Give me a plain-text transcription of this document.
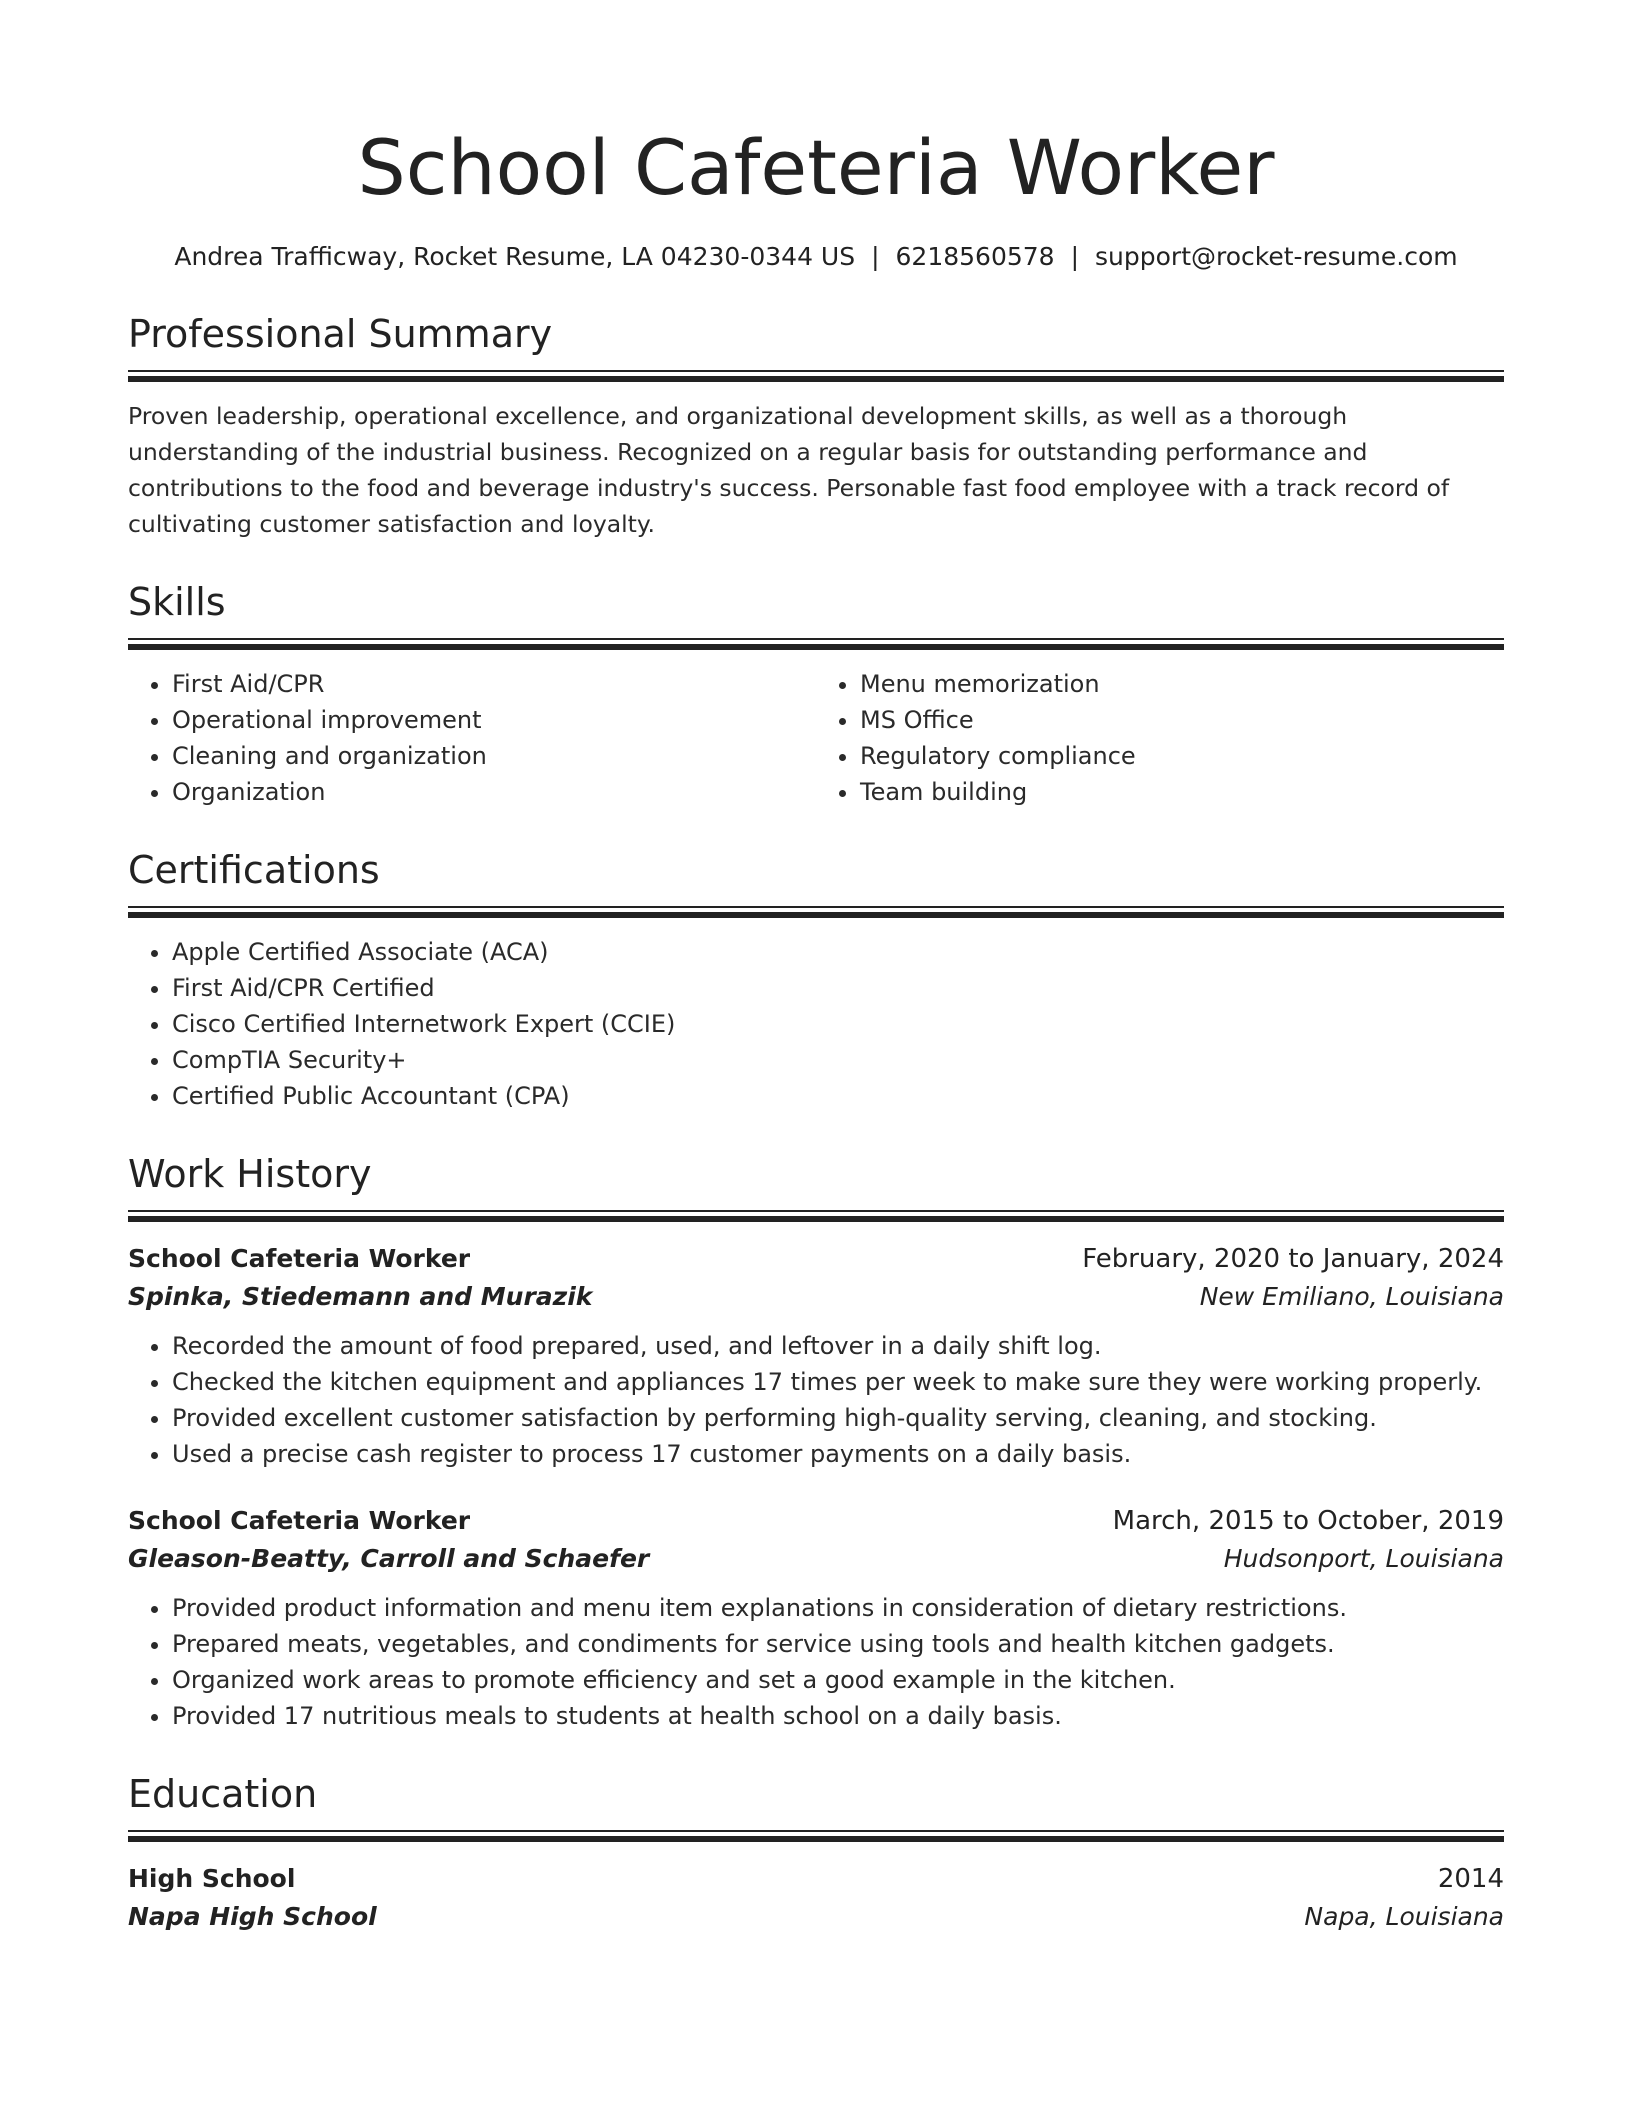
School Cafeteria Worker
Andrea Trafficway, Rocket Resume, LA 04230-0344 US | 6218560578 | support@rocket-resume.com
Professional Summary

Proven leadership, operational excellence, and organizational development skills, as well as a thorough understanding of the industrial business. Recognized on a regular basis for outstanding performance and contributions to the food and beverage industry's success. Personable fast food employee with a track record of cultivating customer satisfaction and loyalty.

Skills
• First Aid/CPR
• Operational improvement
• Cleaning and organization
• Organization
• Menu memorization
• MS Office
• Regulatory compliance
• Team building
Certifications
• Apple Certified Associate (ACA)
• First Aid/CPR Certified
• Cisco Certified Internetwork Expert (CCIE)
• CompTIA Security+
• Certified Public Accountant (CPA)
Work History
School Cafeteria Worker	February, 2020 to January, 2024
Spinka, Stiedemann and Murazik	New Emiliano, Louisiana
• Recorded the amount of food prepared, used, and leftover in a daily shift log.
• Checked the kitchen equipment and appliances 17 times per week to make sure they were working properly.
• Provided excellent customer satisfaction by performing high-quality serving, cleaning, and stocking.
• Used a precise cash register to process 17 customer payments on a daily basis.
School Cafeteria Worker	March, 2015 to October, 2019
Gleason-Beatty, Carroll and Schaefer	Hudsonport, Louisiana
• Provided product information and menu item explanations in consideration of dietary restrictions.
• Prepared meats, vegetables, and condiments for service using tools and health kitchen gadgets.
• Organized work areas to promote efficiency and set a good example in the kitchen.
• Provided 17 nutritious meals to students at health school on a daily basis.
Education
High School	2014
Napa High School	Napa, Louisiana
